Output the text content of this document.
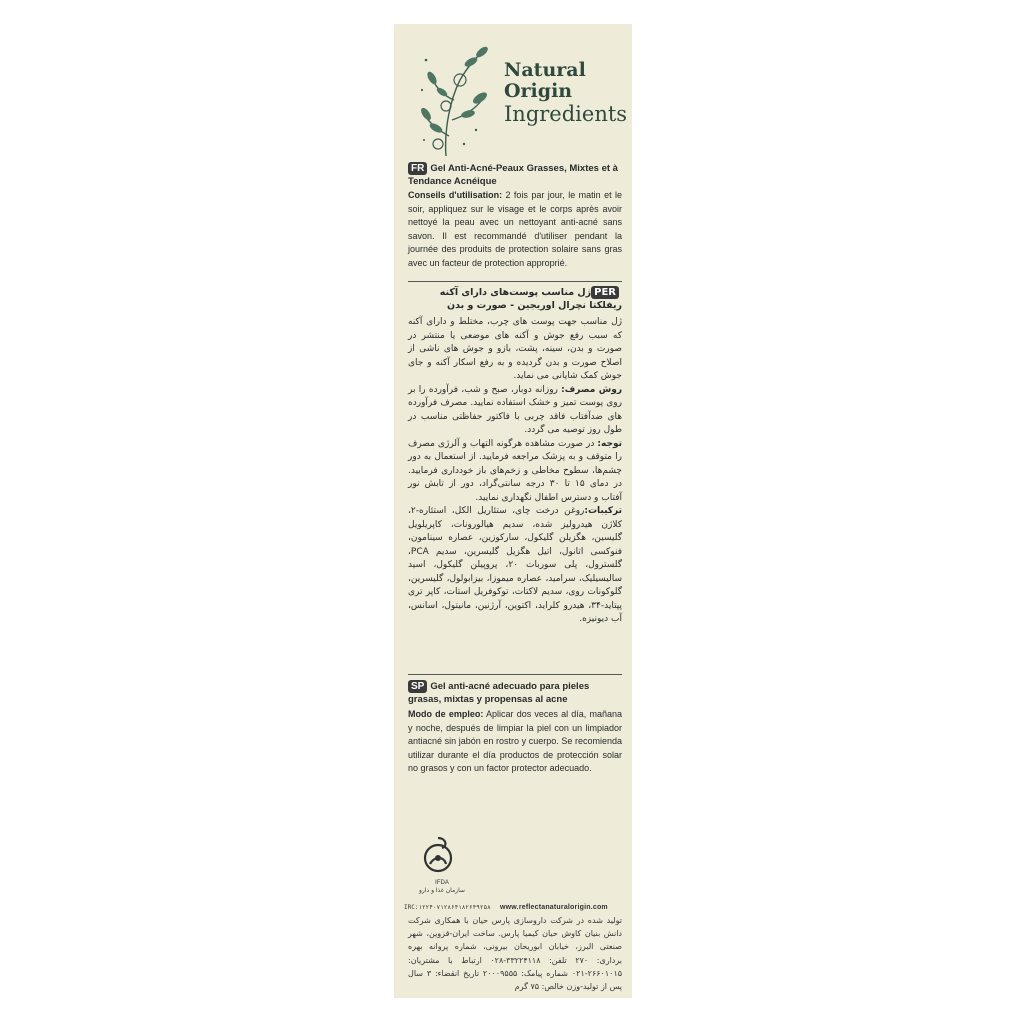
Natural
Origin
Ingredients
FR Gel Anti-Acné-Peaux Grasses, Mixtes et à Tendance Acnéique
Conseils d'utilisation: 2 fois par jour, le matin et le soir, appliquez sur le visage et le corps après avoir nettoyé la peau avec un nettoyant anti-acné sans savon. Il est recommandé d'utiliser pendant la journée des produits de protection solaire sans gras avec un facteur de protection approprié.
PERژل مناسب پوست‌های دارای آکنه ریفلکتا نچرال اوریجین - صورت و بدن
ژل مناسب جهت پوست های چرب، مختلط و دارای آکنه که سبب رفع جوش و آکنه های موضعی یا منتشر در صورت و بدن، سینه، پشت، بازو و جوش های ناشی از اصلاح صورت و بدن گردیده و به رفع اسکار آکنه و جای جوش کمک شایانی می نماید.
روش مصرف: روزانه دوبار، صبح و شب، فرآورده را بر روی پوست تمیز و خشک استفاده نمایید. مصرف فرآورده های ضدآفتاب فاقد چربی با فاکتور حفاظتی مناسب در طول روز توصیه می گردد.
توجه: در صورت مشاهده هرگونه التهاب و آلرژی مصرف را متوقف و به پزشک مراجعه فرمایید. از استعمال به دور چشم‌ها، سطوح مخاطی و زخم‌های باز خودداری فرمایید. در دمای ۱۵ تا ۳۰ درجه سانتی‌گراد، دور از تابش نور آفتاب و دسترس اطفال نگهداری نمایید.
ترکیبات:روغن درخت چای، ستئاریل الکل، استئاره-۲، کلاژن هیدرولیز شده، سدیم هیالورونات، کاپریلویل گلیسین، هگزیلن گلیکول، سارکوزین، عصاره سینامون، فنوکسی اتانول، اتیل هگزیل گلیسرین، سدیم PCA، گلسترول، پلی سوربات ۲۰، پروپیلن گلیکول، اسید سالیسیلیک، سرامید، عصاره میموزا، بیزابولول، گلیسرین، گلوکونات روی، سدیم لاکتات، توکوفریل استات، کاپر تری پپتاید-۳۴، هیدرو کلراید، اکتوین، آرژنین، مانیتول، اسانس، آب دیونیزه.
SP Gel anti-acné adecuado para pieles grasas, mixtas y propensas al acne
Modo de empleo: Aplicar dos veces al día, mañana y noche, después de limpiar la piel con un limpiador antiacné sin jabón en rostro y cuerpo. Se recomienda utilizar durante el día productos de protección solar no grasos y con un factor protector adecuado.
IFDA
سازمان غذا و دارو
IRC:۱۲۲۴۰۷۱۲۸۶۴۱۸۲۶۴۹۲۵۸ www.reflectanaturalorigin.com
تولید شده در شرکت داروسازی پارس حیان با همکاری شرکت دانش بنیان کاوش حیان کیمیا پارس. ساخت ایران-قزوین، شهر صنعتی البرز، خیابان ابوریحان بیرونی، شماره پروانه بهره برداری: ۲۷۰ تلفن: ۳۳۲۲۴۱۱۸-۰۲۸ ارتباط با مشتریان: ۲۶۶۰۱۰۱۵-۰۲۱ شماره پیامک: ۲۰۰۰۹۵۵۵ تاریخ انقضاء: ۳ سال پس از تولید-وزن خالص: ۷۵ گرم
